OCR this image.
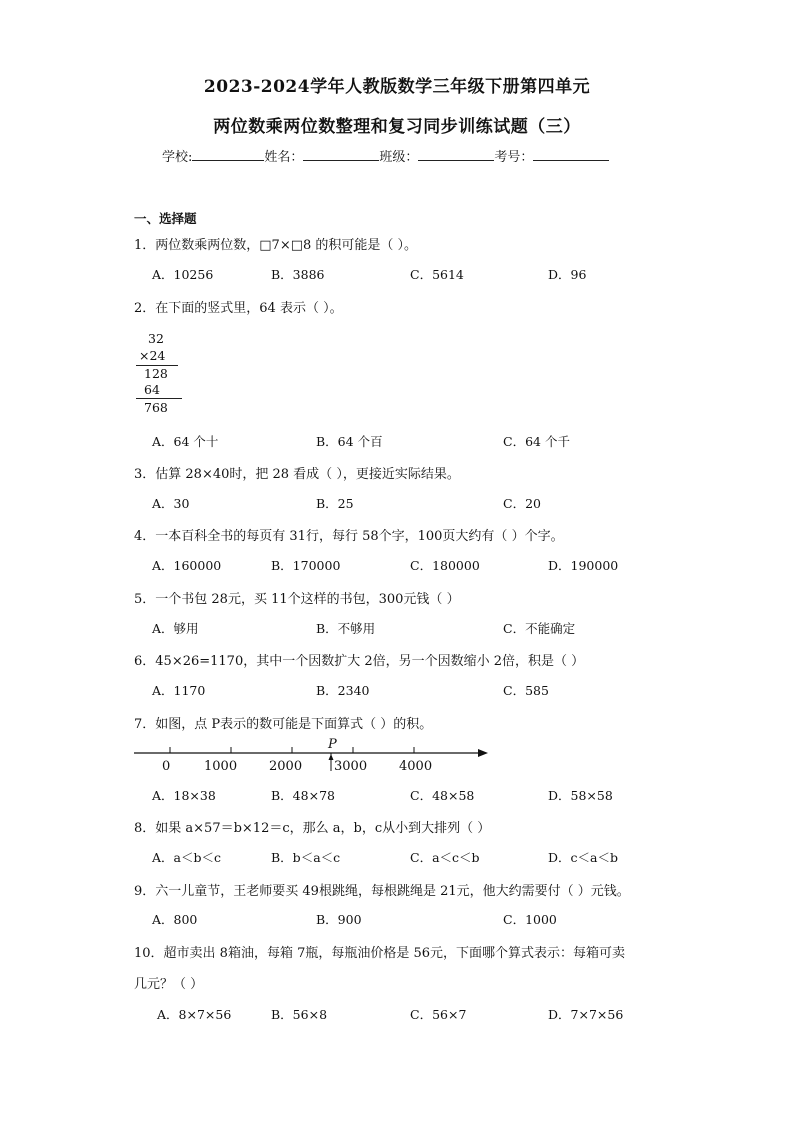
2023-2024学年人教版数学三年级下册第四单元
两位数乘两位数整理和复习同步训练试题（三）
学校:	姓名：	班级：	考号：
一、选择题
1．两位数乘两位数，□7×□8 的积可能是（ ）。
A．10256	B．3886	C．5614	D．96
2．在下面的竖式里，64 表示（ ）。
32
×24
128
64
768
A．64 个十	B．64 个百	C．64 个千
3．估算 28×40时，把 28 看成（ ），更接近实际结果。
A．30	B．25	C．20
4．一本百科全书的每页有 31行，每行 58个字，100页大约有（ ）个字。
A．160000	B．170000	C．180000	D．190000
5．一个书包 28元，买 11个这样的书包，300元钱（ ）
A．够用	B．不够用	C．不能确定
6．45×26=1170，其中一个因数扩大 2倍，另一个因数缩小 2倍，积是（ ）
A．1170	B．2340	C．585
7．如图，点 P表示的数可能是下面算式（ ）的积。
P
0	1000 2000 3000 4000
A．18×38	B．48×78	C．48×58	D．58×58
8．如果 a×57＝b×12＝c，那么 a，b，c从小到大排列（ ）
A．a＜b＜c	B．b＜a＜c	C．a＜c＜b	D．c＜a＜b
9．六一儿童节，王老师要买 49根跳绳，每根跳绳是 21元，他大约需要付（ ）元钱。
A．800	B．900	C．1000
10．超市卖出 8箱油，每箱 7瓶，每瓶油价格是 56元，下面哪个算式表示：每箱可卖
几元？（ ）
A．8×7×56	B．56×8	C．56×7	D．7×7×56
